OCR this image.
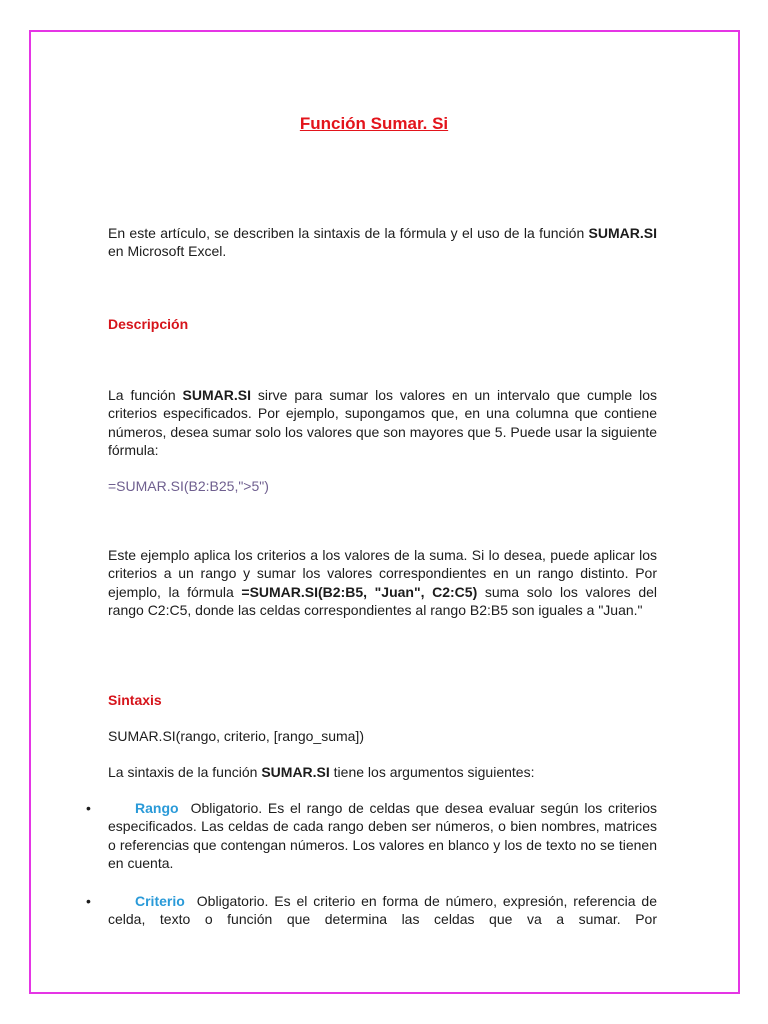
Función Sumar. Si

En este artículo, se describen la sintaxis de la fórmula y el uso de la función SUMAR.SI en Microsoft Excel.

Descripción

La función SUMAR.SI sirve para sumar los valores en un intervalo que cumple los criterios especificados. Por ejemplo, supongamos que, en una columna que contiene números, desea sumar solo los valores que son mayores que 5. Puede usar la siguiente fórmula:

=SUMAR.SI(B2:B25,">5")

Este ejemplo aplica los criterios a los valores de la suma. Si lo desea, puede aplicar los criterios a un rango y sumar los valores correspondientes en un rango distinto. Por ejemplo, la fórmula =SUMAR.SI(B2:B5, "Juan", C2:C5) suma solo los valores del rango C2:C5, donde las celdas correspondientes al rango B2:B5 son iguales a "Juan."

Sintaxis

SUMAR.SI(rango, criterio, [rango_suma])

La sintaxis de la función SUMAR.SI tiene los argumentos siguientes:

•	Rango Obligatorio. Es el rango de celdas que desea evaluar según los criterios especificados. Las celdas de cada rango deben ser números, o bien nombres, matrices o referencias que contengan números. Los valores en blanco y los de texto no se tienen en cuenta.

•	Criterio Obligatorio. Es el criterio en forma de número, expresión, referencia de celda, texto o función que determina las celdas que va a sumar. Por
